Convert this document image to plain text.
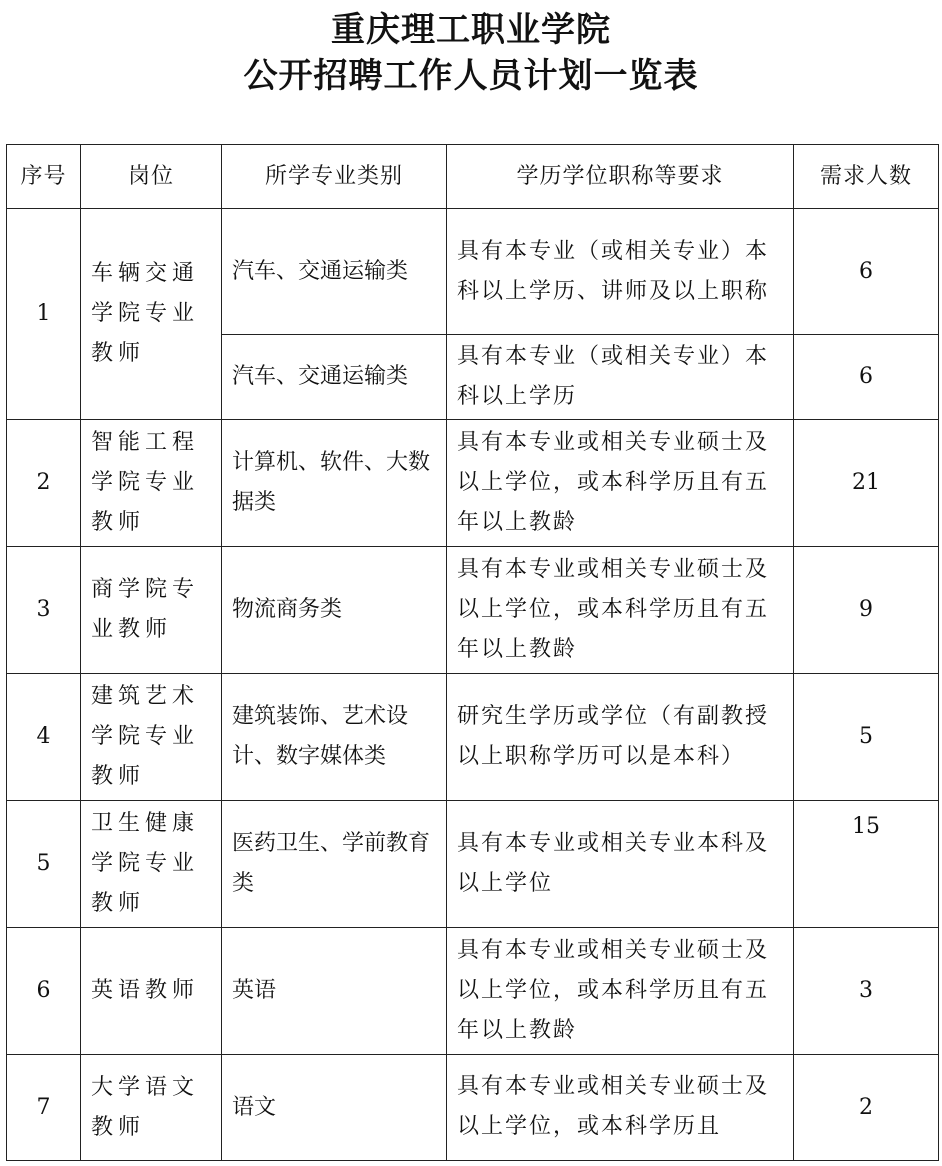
重庆理工职业学院
公开招聘工作人员计划一览表
序号	岗位	所学专业类别	学历学位职称等要求	需求人数
1	车辆交通学院专业教师	汽车、交通运输类	具有本专业（或相关专业）本科以上学历、讲师及以上职称	6
		汽车、交通运输类	具有本专业（或相关专业）本科以上学历	6
2	智能工程学院专业教师	计算机、软件、大数据类	具有本专业或相关专业硕士及以上学位，或本科学历且有五年以上教龄	21
3	商学院专业教师	物流商务类	具有本专业或相关专业硕士及以上学位，或本科学历且有五年以上教龄	9
4	建筑艺术学院专业教师	建筑装饰、艺术设计、数字媒体类	研究生学历或学位（有副教授以上职称学历可以是本科）	5
5	卫生健康学院专业教师	医药卫生、学前教育类	具有本专业或相关专业本科及以上学位	15
6	英语教师	英语	具有本专业或相关专业硕士及以上学位，或本科学历且有五年以上教龄	3
7	大学语文教师	语文	具有本专业或相关专业硕士及以上学位，或本科学历且	2
